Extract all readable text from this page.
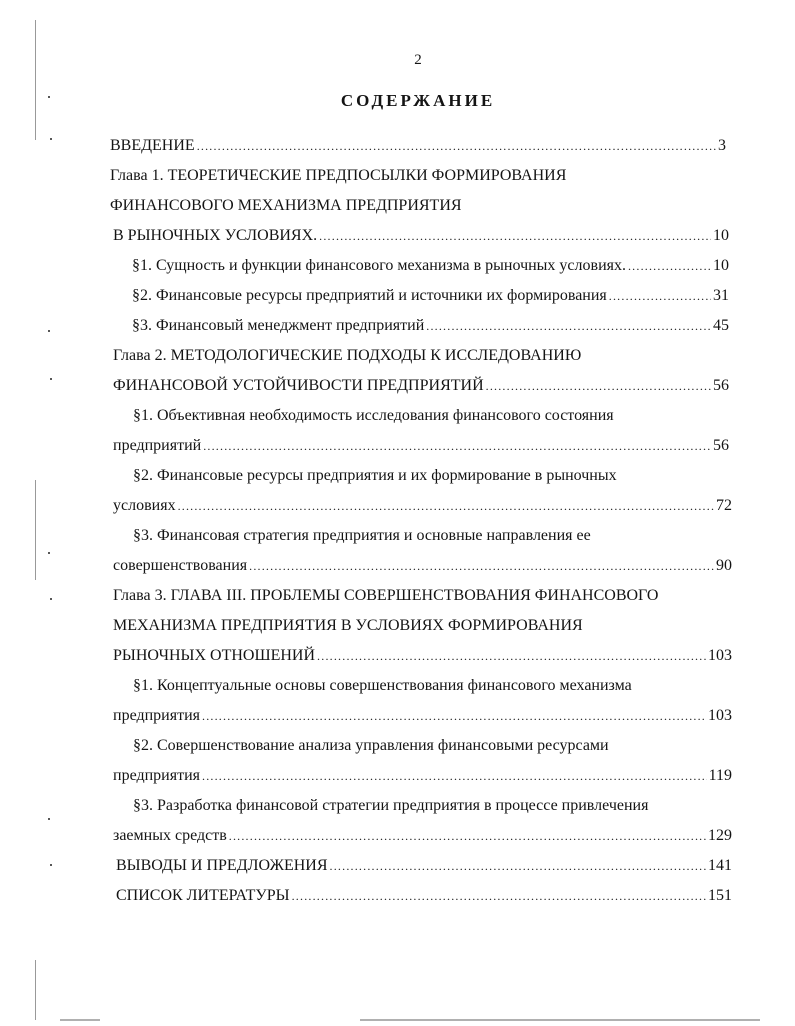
2
СОДЕРЖАНИЕ
ВВЕДЕНИЕ .....	3
Глава 1. ТЕОРЕТИЧЕСКИЕ ПРЕДПОСЫЛКИ ФОРМИРОВАНИЯ
ФИНАНСОВОГО МЕХАНИЗМА ПРЕДПРИЯТИЯ
В РЫНОЧНЫХ УСЛОВИЯХ. .....	10
§1. Сущность и функции финансового механизма в рыночных условиях. .....	10
§2. Финансовые ресурсы предприятий и источники их формирования .....	31
§3. Финансовый менеджмент предприятий .....	45
Глава 2. МЕТОДОЛОГИЧЕСКИЕ ПОДХОДЫ К ИССЛЕДОВАНИЮ
ФИНАНСОВОЙ УСТОЙЧИВОСТИ ПРЕДПРИЯТИЙ .....	56
§1. Объективная необходимость исследования финансового состояния
предприятий .....	56
§2. Финансовые ресурсы предприятия и их формирование в рыночных
условиях .....	72
§3. Финансовая стратегия предприятия и основные направления ее
совершенствования .....	90
Глава 3. ГЛАВА III. ПРОБЛЕМЫ СОВЕРШЕНСТВОВАНИЯ ФИНАНСОВОГО
МЕХАНИЗМА ПРЕДПРИЯТИЯ В УСЛОВИЯХ ФОРМИРОВАНИЯ
РЫНОЧНЫХ ОТНОШЕНИЙ .....	103
§1. Концептуальные основы совершенствования финансового механизма
предприятия .....	103
§2. Совершенствование анализа управления финансовыми ресурсами
предприятия .....	119
§3. Разработка финансовой стратегии предприятия в процессе привлечения
заемных средств .....	129
ВЫВОДЫ И ПРЕДЛОЖЕНИЯ .....	141
СПИСОК ЛИТЕРАТУРЫ .....	151
